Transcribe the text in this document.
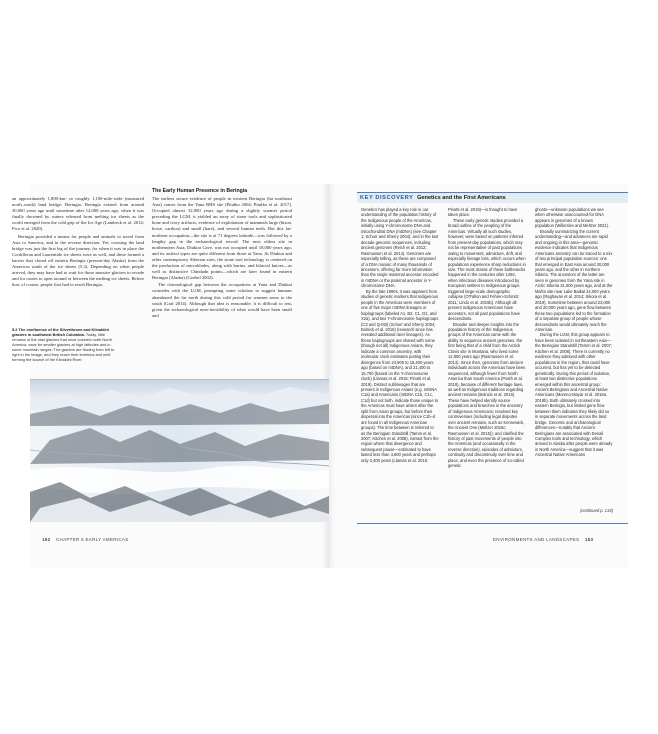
an approximately 1,800-km- or roughly 1,100-mile-wide (measured north–south) land bridge: Beringia. Beringia existed from around 30,000 years ago until sometime after 12,000 years ago, when it was finally drowned by waters released from melting ice sheets as the world emerged from the cold grip of the Ice Age (Lambeck et al. 2014; Pico et al. 2020).

Beringia provided a means for people and animals to travel from Asia to America, and in the reverse direction. Yet, crossing the land bridge was just the first leg of the journey, for when it was in place the Cordilleran and Laurentide ice sheets were as well, and these formed a barrier that closed off eastern Beringia (present-day Alaska) from the Americas south of the ice sheets (5.2). Depending on when people arrived, they may have had to wait for those massive glaciers to recede and for routes to open around or between the melting ice sheets. Before that, of course, people first had to reach Beringia.

5.2 The confluence of the Silverthrone and Klinaklini glaciers in southwest British Columbia. Today, little remains of the vast glaciers that once covered north North America, save for smaller glaciers at high latitudes and in some mountain ranges. The glaciers are flowing from left to right in the image, and they reach their terminus and melt forming the source of the Klinaklini River.
The Early Human Presence in Beringia

The earliest secure evidence of people in western Beringia (far northeast Asia) comes from the Yana RHS site (Pitulko 2004; Pitulko et al. 2017). Occupied almost 32,000 years ago during a slightly warmer period preceding the LGM, it yielded an array of stone tools and sophisticated bone and ivory artifacts, evidence of exploitation of mammals large (bison, horse, caribou) and small (hare), and several human teeth. But this far-northern occupation—the site is at 71 degrees latitude—was followed by a lengthy gap in the archaeological record. The next oldest site in northeastern Asia, Diuktai Cave, was not occupied until 18,000 years ago, and its artifact types are quite different from those at Yana. At Diuktai and other contemporary Siberian sites, the stone tool technology is centered on the production of microblades, along with burins, and bifacial knives—as well as distinctive Chindadn points—which are later found in eastern Beringia (Alaska) (Goebel 2002).

The chronological gap between the occupations at Yana and Diuktai coincides with the LGM, prompting some scholars to suggest humans abandoned the far north during this cold period for warmer areas to the south (Graf 2014). Although that idea is reasonable, it is difficult to test, given the archaeological near-invisibility of what would have been small and

152 CHAPTER 5 EARLY AMERICAS
KEY DISCOVERY Genetics and the First Americans

Genetics has played a key role in our understanding of the population history of the Indigenous people of the Americas, initially using Y-chromosome DNA and mitochondrial DNA (mtDNA) (see Chapter 1; Schurr and Sherry 2004), and in the last decade genomic sequences, including ancient genomes (Reich et al. 2012; Rasmussen et al. 2014). Genomes are especially telling, as these are composed of a DNA mosaic of many thousands of ancestors, offering far more information than the single maternal ancestor encoded in mtDNA or the paternal ancestor in Y-chromosome DNA.

By the late 1990s, it was apparent from studies of genetic markers that Indigenous people in the Americas were members of one of five major mtDNA lineages or haplogroups (labeled A1, B2, C1, D1, and X2a), and two Y-chromosome haplogroups (C3 and Q-M3) (Schurr and Sherry 2004; Bolnick et al. 2016) (research since has revealed additional rarer lineages). As these haplogroups are shared with some (though not all) Indigenous Asians, they indicate a common ancestry, with molecular clock estimates putting their divergence from 24,900 to 18,400 years ago (based on mtDNA), and 21,400 to 15,700 (based on the Y-chromosome clock) (Llamas et al. 2016; Pinotti et al. 2019). Distinct sublineages that are present in Indigenous Asians (e.g. mtDNA C1a) and Americans (mtDNA C1b, C1c, C1d) but not both, indicate those unique to the Americas must have arisen after the split from Asian groups, but before their dispersal into the Americas (since C1b–d are found in all Indigenous American groups). The time between is referred to as the Beringian Standstill (Tamm et al. 2007; Kitchen et al. 2008), named from the region where that divergence and subsequent pause—estimated to have lasted less than 4,600 years and perhaps only 2,400 years (Llamas et al. 2016;

Pinotti et al. 2019)—is thought to have taken place.

These early genetic studies provided a broad outline of the peopling of the Americas. Virtually all such studies, however, were based on patterns inferred from present-day populations, which may not be representative of past populations owing to movement, admixture, drift, and especially lineage loss, which occurs when populations experience sharp reductions in size. The most drastic of these bottlenecks happened in the centuries after 1492, when infectious diseases introduced by European settlers to Indigenous groups triggered large-scale demographic collapse (O'Fallon and Fehren-Schmitz 2011; Lindo et al. 2016b). Although all present Indigenous Americans have ancestors, not all past populations have descendants.

Broader and deeper insights into the population history of the Indigenous groups of the Americas came with the ability to sequence ancient genomes, the first being that of a child from the Anzick Clovis site in Montana, who lived some 12,800 years ago (Rasmussen et al. 2014). Since then, genomes from ancient individuals across the Americas have been sequenced, although fewer from North America than South America (Posth et al. 2018), because of different heritage laws, as well as Indigenous traditions regarding ancient remains (Bolnick et al. 2016). These have helped identify source populations and branches in the ancestry of Indigenous Americans; resolved key controversies (including legal disputes over ancient remains, such as Kennewick, the Ancient One (Meltzer 2015c; Rasmussen et al. 2015)); and clarified the history of past movements of people into the Americas (and occasionally in the reverse direction), episodes of admixture, continuity and discontinuity over time and place, and even the presence of so-called genetic

ghosts—unknown populations we see when otherwise unaccounted-for DNA appears in genomes of a known population (Willerslev and Meltzer 2021).

Broadly summarizing the current understanding—and advances are rapid and ongoing in this area—genomic evidence indicates that Indigenous Americans ancestry can be traced to a mix of two principal population sources: one that emerged in East Asia around 30,000 years ago, and the other in northern Siberia. The ancestors of the latter are seen in genomes from the Yana site in Arctic Siberia 31,600 years ago, and at the Mal'ta site near Lake Baikal 24,000 years ago (Raghavan et al. 2014; Sikora et al. 2019). Sometime between around 23,000 and 20,000 years ago, gene flow between these two populations led to the formation of a separate group of people whose descendants would ultimately reach the Americas.

During the LGM, this group appears to have been isolated in northeastern Asia—the Beringian Standstill (Tamm et al. 2007; Kitchen et al. 2008). There is currently no evidence they admixed with other populations in the region, that could have occurred, but has yet to be detected genetically. During this period of isolation, at least two distinctive populations emerged within this ancestral group: Ancient Beringians and Ancestral Native Americans (Moreno-Mayar et al. 2018a, 2018b). Both ultimately crossed into eastern Beringia, but limited gene flow between them indicates they likely did so in separate movements across the land bridge. Genomic and archaeological differences—notably that Ancient Beringians are associated with Denali Complex tools and technology, which arrived in Alaska after people were already in North America—suggest that it was Ancestral Native Americans

(continued p. 134)
ENVIRONMENTS AND LANDSCAPES 153
